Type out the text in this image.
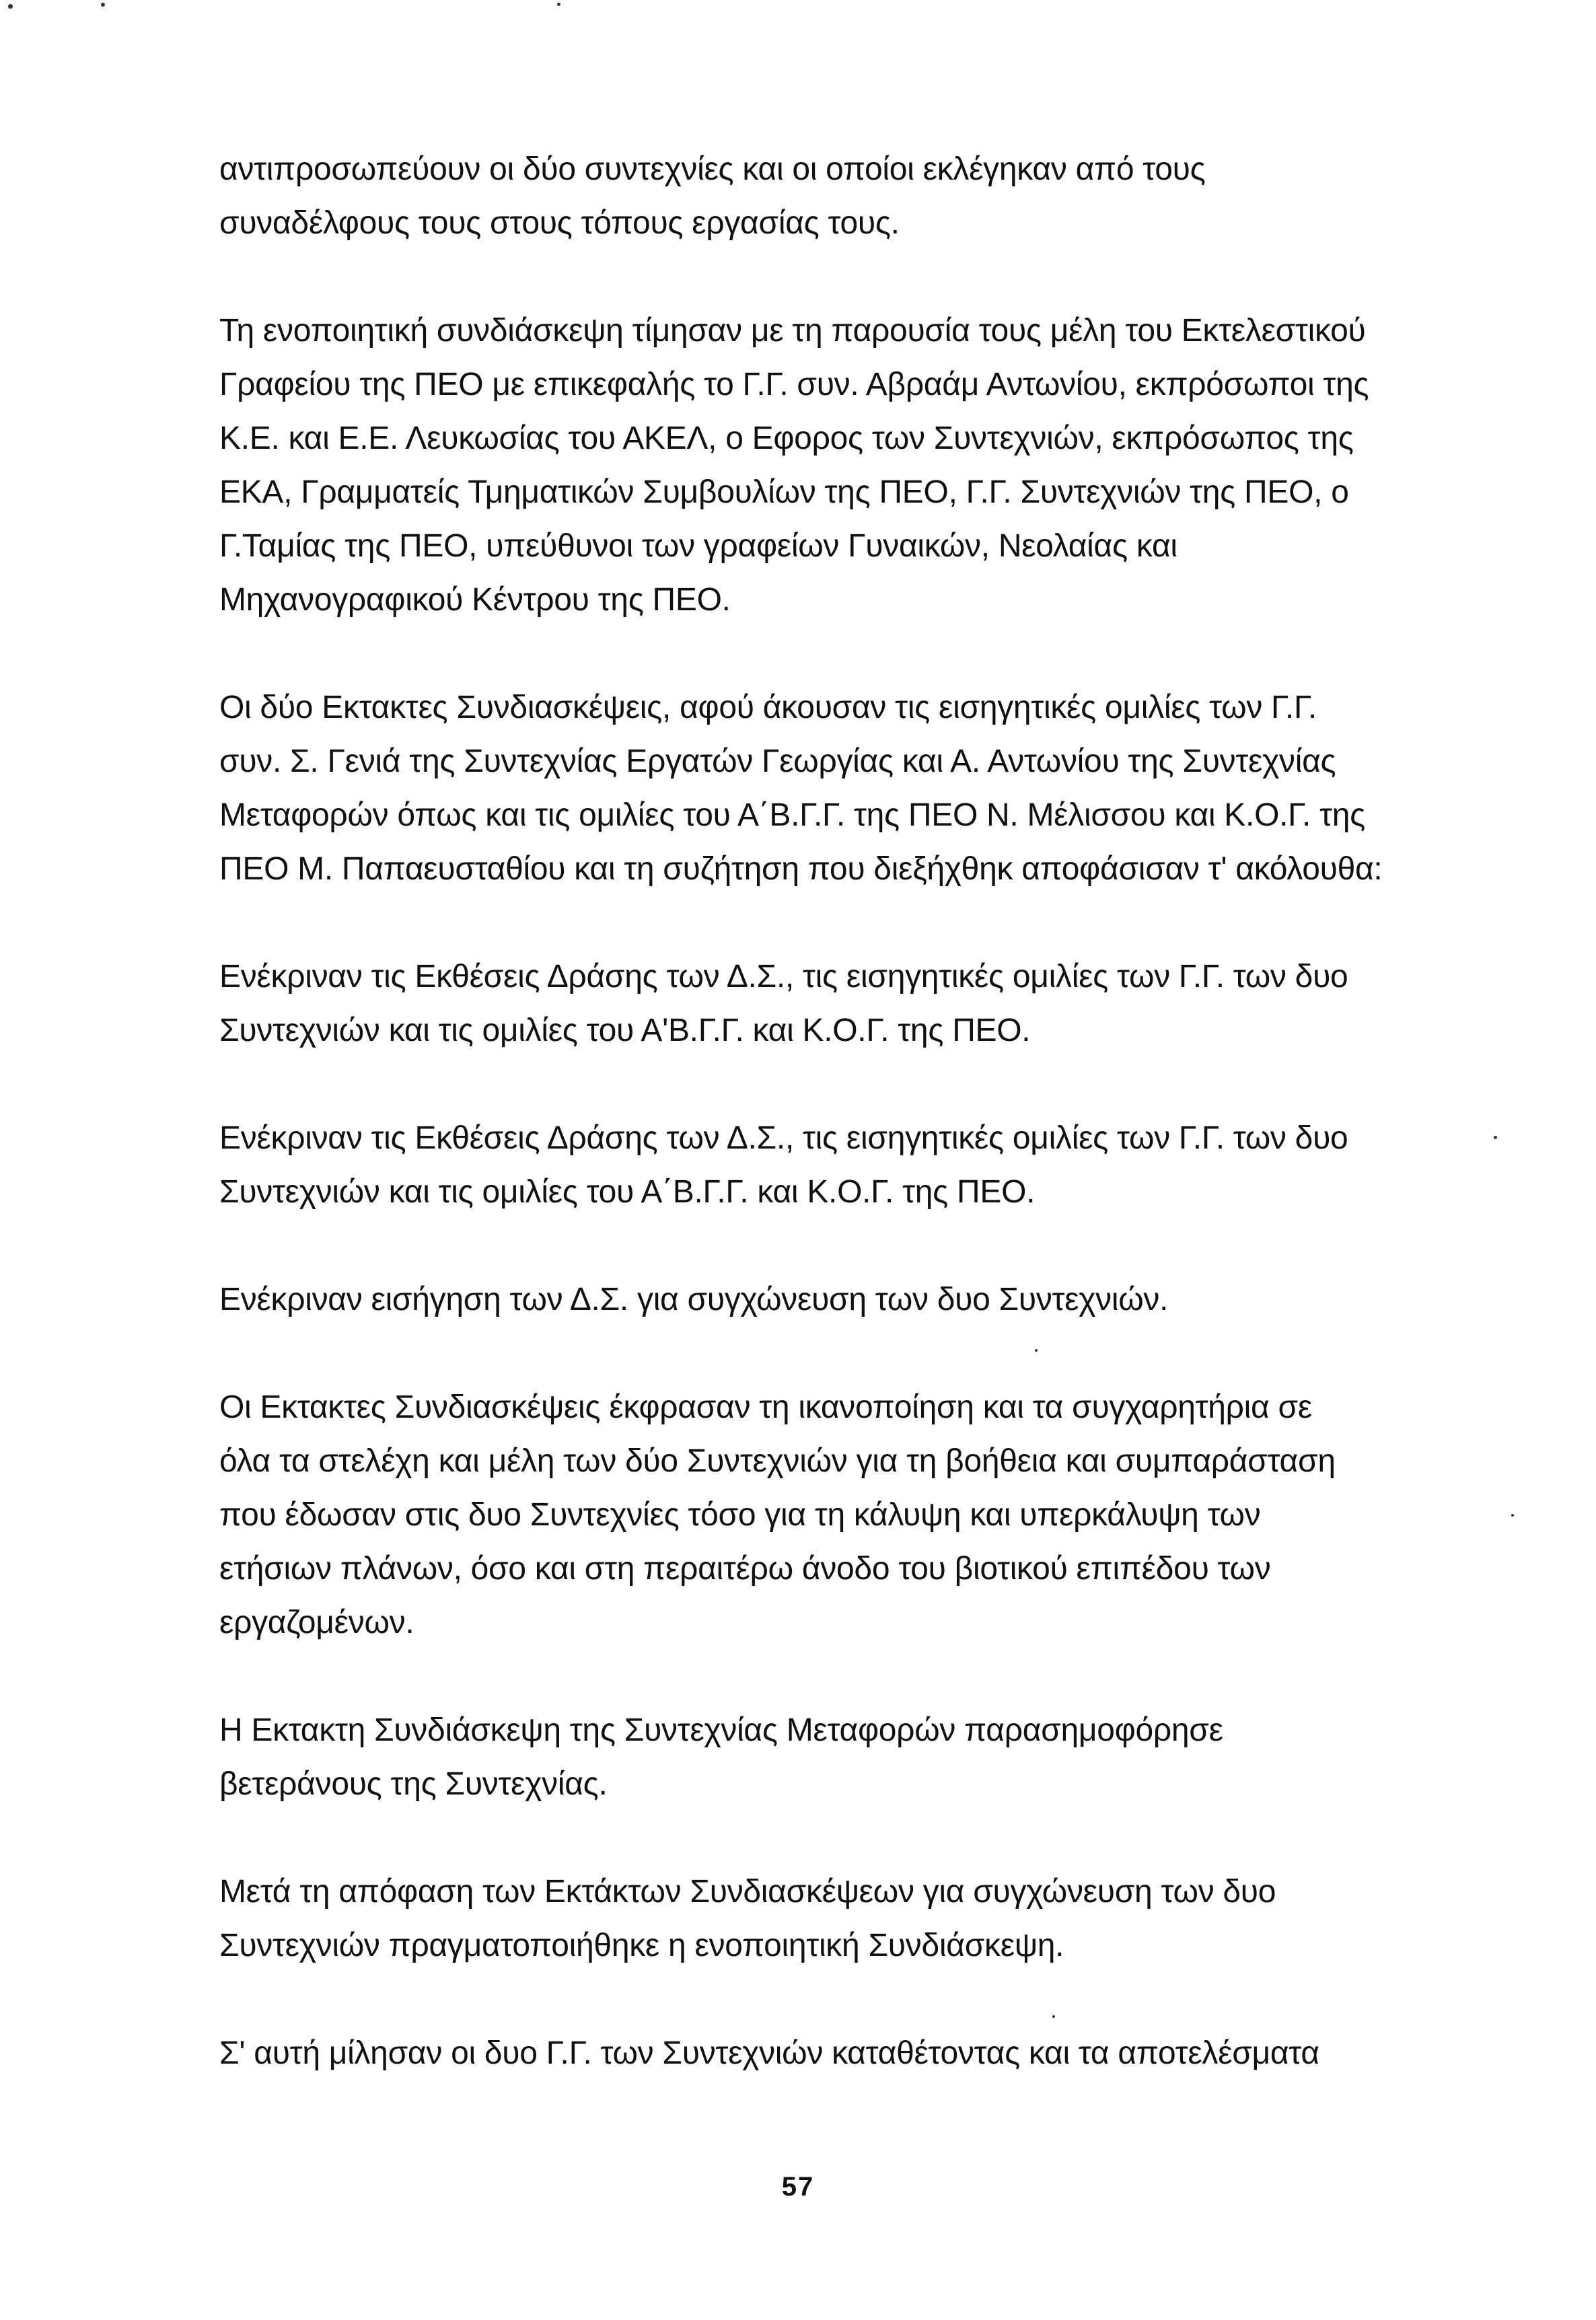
αντιπροσωπεύουν οι δύο συντεχνίες και οι οποίοι εκλέγηκαν από τους
συναδέλφους τους στους τόπους εργασίας τους.
Τη ενοποιητική συνδιάσκεψη τίμησαν με τη παρουσία τους μέλη του Εκτελεστικού
Γραφείου της ΠΕΟ με επικεφαλής το Γ.Γ. συν. Αβραάμ Αντωνίου, εκπρόσωποι της
Κ.Ε. και Ε.Ε. Λευκωσίας του ΑΚΕΛ, ο Εφορος των Συντεχνιών, εκπρόσωπος της
ΕΚΑ, Γραμματείς Τμηματικών Συμβουλίων της ΠΕΟ, Γ.Γ. Συντεχνιών της ΠΕΟ, ο
Γ.Ταμίας της ΠΕΟ, υπεύθυνοι των γραφείων Γυναικών, Νεολαίας και
Μηχανογραφικού Κέντρου της ΠΕΟ.
Οι δύο Εκτακτες Συνδιασκέψεις, αφού άκουσαν τις εισηγητικές ομιλίες των Γ.Γ.
συν. Σ. Γενιά της Συντεχνίας Εργατών Γεωργίας και Α. Αντωνίου της Συντεχνίας
Μεταφορών όπως και τις ομιλίες του Α΄Β.Γ.Γ. της ΠΕΟ Ν. Μέλισσου και Κ.Ο.Γ. της
ΠΕΟ Μ. Παπαευσταθίου και τη συζήτηση που διεξήχθηκ αποφάσισαν τ' ακόλουθα:
Ενέκριναν τις Εκθέσεις Δράσης των Δ.Σ., τις εισηγητικές ομιλίες των Γ.Γ. των δυο
Συντεχνιών και τις ομιλίες του Α'Β.Γ.Γ. και Κ.Ο.Γ. της ΠΕΟ.
Ενέκριναν τις Εκθέσεις Δράσης των Δ.Σ., τις εισηγητικές ομιλίες των Γ.Γ. των δυο
Συντεχνιών και τις ομιλίες του Α΄Β.Γ.Γ. και Κ.Ο.Γ. της ΠΕΟ.
Ενέκριναν εισήγηση των Δ.Σ. για συγχώνευση των δυο Συντεχνιών.
Οι Εκτακτες Συνδιασκέψεις έκφρασαν τη ικανοποίηση και τα συγχαρητήρια σε
όλα τα στελέχη και μέλη των δύο Συντεχνιών για τη βοήθεια και συμπαράσταση
που έδωσαν στις δυο Συντεχνίες τόσο για τη κάλυψη και υπερκάλυψη των
ετήσιων πλάνων, όσο και στη περαιτέρω άνοδο του βιοτικού επιπέδου των
εργαζομένων.
Η Εκτακτη Συνδιάσκεψη της Συντεχνίας Μεταφορών παρασημοφόρησε
βετεράνους της Συντεχνίας.
Μετά τη απόφαση των Εκτάκτων Συνδιασκέψεων για συγχώνευση των δυο
Συντεχνιών πραγματοποιήθηκε η ενοποιητική Συνδιάσκεψη.
Σ' αυτή μίλησαν οι δυο Γ.Γ. των Συντεχνιών καταθέτοντας και τα αποτελέσματα
57
